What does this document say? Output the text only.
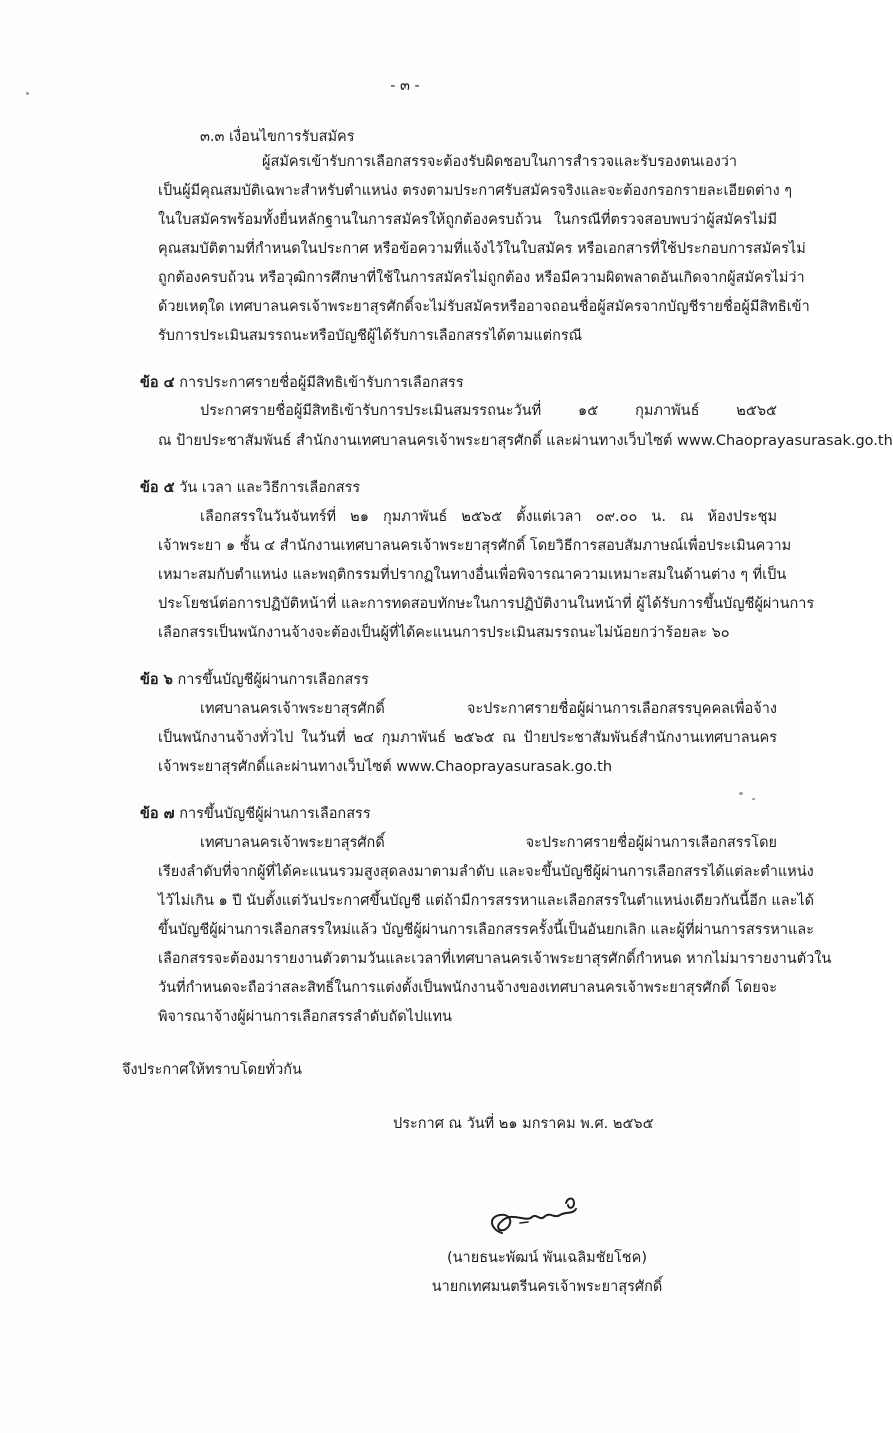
- ๓ -
๓.๓ เงื่อนไขการรับสมัคร
ผู้สมัครเข้ารับการเลือกสรรจะต้องรับผิดชอบในการสำรวจและรับรองตนเองว่า
เป็นผู้มีคุณสมบัติเฉพาะสำหรับตำแหน่ง ตรงตามประกาศรับสมัครจริงและจะต้องกรอกรายละเอียดต่าง ๆ
ในใบสมัครพร้อมทั้งยื่นหลักฐานในการสมัครให้ถูกต้องครบถ้วน ในกรณีที่ตรวจสอบพบว่าผู้สมัครไม่มี
คุณสมบัติตามที่กำหนดในประกาศ หรือข้อความที่แจ้งไว้ในใบสมัคร หรือเอกสารที่ใช้ประกอบการสมัครไม่
ถูกต้องครบถ้วน หรือวุฒิการศึกษาที่ใช้ในการสมัครไม่ถูกต้อง หรือมีความผิดพลาดอันเกิดจากผู้สมัครไม่ว่า
ด้วยเหตุใด เทศบาลนครเจ้าพระยาสุรศักดิ์จะไม่รับสมัครหรืออาจถอนชื่อผู้สมัครจากบัญชีรายชื่อผู้มีสิทธิเข้า
รับการประเมินสมรรถนะหรือบัญชีผู้ได้รับการเลือกสรรได้ตามแต่กรณี
ข้อ ๔ การประกาศรายชื่อผู้มีสิทธิเข้ารับการเลือกสรร
ประกาศรายชื่อผู้มีสิทธิเข้ารับการประเมินสมรรถนะวันที่ ๑๕ กุมภาพันธ์ ๒๕๖๕
ณ ป้ายประชาสัมพันธ์ สำนักงานเทศบาลนครเจ้าพระยาสุรศักดิ์ และผ่านทางเว็บไซต์ www.Chaoprayasurasak.go.th
ข้อ ๕ วัน เวลา และวิธีการเลือกสรร
เลือกสรรในวันจันทร์ที่ ๒๑ กุมภาพันธ์ ๒๕๖๕ ตั้งแต่เวลา ๐๙.๐๐ น. ณ ห้องประชุม
เจ้าพระยา ๑ ชั้น ๔ สำนักงานเทศบาลนครเจ้าพระยาสุรศักดิ์ โดยวิธีการสอบสัมภาษณ์เพื่อประเมินความ
เหมาะสมกับตำแหน่ง และพฤติกรรมที่ปรากฏในทางอื่นเพื่อพิจารณาความเหมาะสมในด้านต่าง ๆ ที่เป็น
ประโยชน์ต่อการปฏิบัติหน้าที่ และการทดสอบทักษะในการปฏิบัติงานในหน้าที่ ผู้ได้รับการขึ้นบัญชีผู้ผ่านการ
เลือกสรรเป็นพนักงานจ้างจะต้องเป็นผู้ที่ได้คะแนนการประเมินสมรรถนะไม่น้อยกว่าร้อยละ ๖๐
ข้อ ๖ การขึ้นบัญชีผู้ผ่านการเลือกสรร
เทศบาลนครเจ้าพระยาสุรศักดิ์ จะประกาศรายชื่อผู้ผ่านการเลือกสรรบุคคลเพื่อจ้าง
เป็นพนักงานจ้างทั่วไป ในวันที่ ๒๔ กุมภาพันธ์ ๒๕๖๕ ณ ป้ายประชาสัมพันธ์สำนักงานเทศบาลนคร
เจ้าพระยาสุรศักดิ์และผ่านทางเว็บไซต์ www.Chaoprayasurasak.go.th
ข้อ ๗ การขึ้นบัญชีผู้ผ่านการเลือกสรร
เทศบาลนครเจ้าพระยาสุรศักดิ์ จะประกาศรายชื่อผู้ผ่านการเลือกสรรโดย
เรียงลำดับที่จากผู้ที่ได้คะแนนรวมสูงสุดลงมาตามลำดับ และจะขึ้นบัญชีผู้ผ่านการเลือกสรรได้แต่ละตำแหน่ง
ไว้ไม่เกิน ๑ ปี นับตั้งแต่วันประกาศขึ้นบัญชี แต่ถ้ามีการสรรหาและเลือกสรรในตำแหน่งเดียวกันนี้อีก และได้
ขึ้นบัญชีผู้ผ่านการเลือกสรรใหม่แล้ว บัญชีผู้ผ่านการเลือกสรรครั้งนี้เป็นอันยกเลิก และผู้ที่ผ่านการสรรหาและ
เลือกสรรจะต้องมารายงานตัวตามวันและเวลาที่เทศบาลนครเจ้าพระยาสุรศักดิ์กำหนด หากไม่มารายงานตัวใน
วันที่กำหนดจะถือว่าสละสิทธิ์ในการแต่งตั้งเป็นพนักงานจ้างของเทศบาลนครเจ้าพระยาสุรศักดิ์ โดยจะ
พิจารณาจ้างผู้ผ่านการเลือกสรรลำดับถัดไปแทน
จึงประกาศให้ทราบโดยทั่วกัน
ประกาศ ณ วันที่ ๒๑ มกราคม พ.ศ. ๒๕๖๕
(นายธนะพัฒน์ พันเฉลิมชัยโชค)
นายกเทศมนตรีนครเจ้าพระยาสุรศักดิ์
